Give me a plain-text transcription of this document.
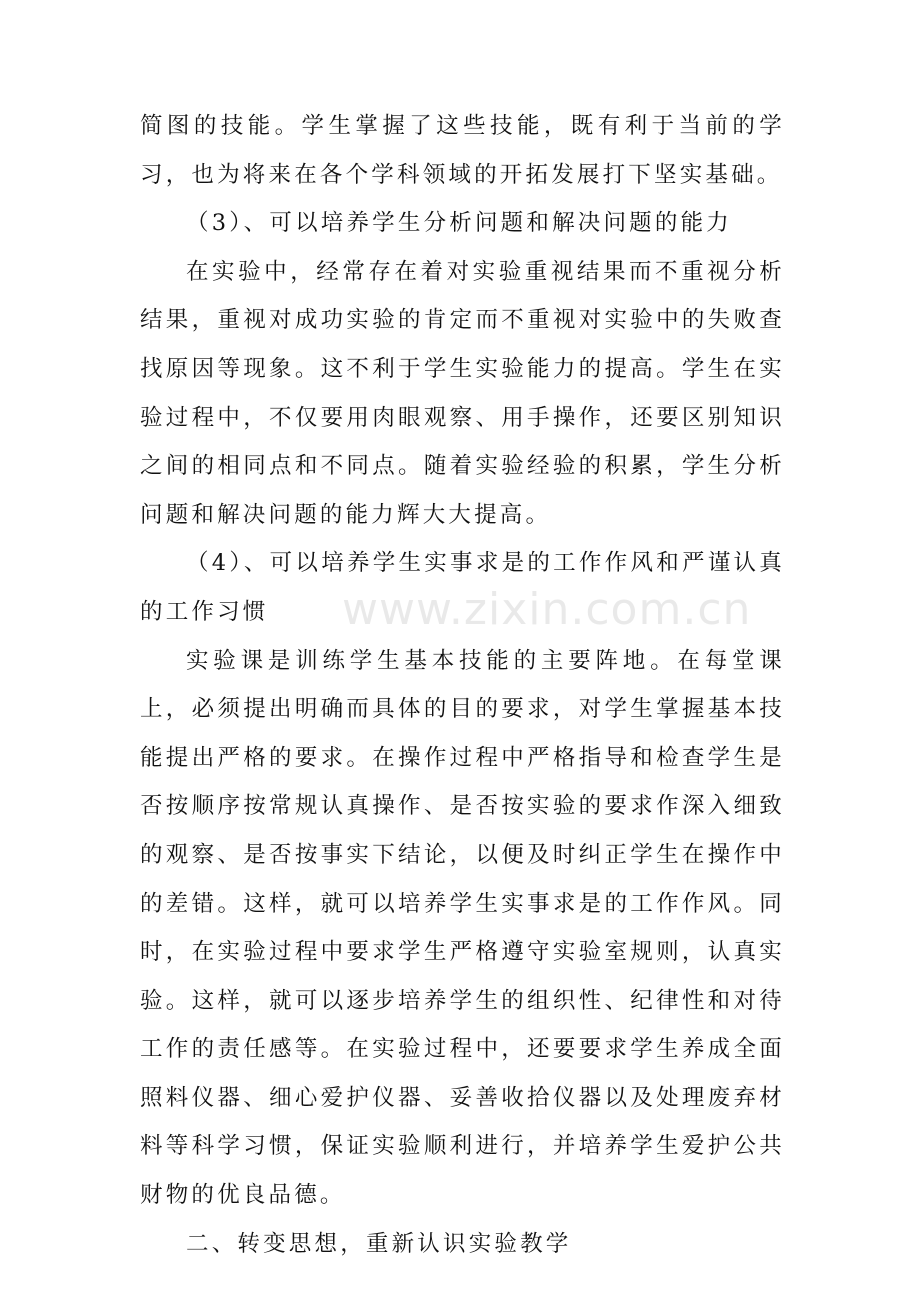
简图的技能。学生掌握了这些技能，既有利于当前的学习，也为将来在各个学科领域的开拓发展打下坚实基础。

（3）、可以培养学生分析问题和解决问题的能力

在实验中，经常存在着对实验重视结果而不重视分析结果，重视对成功实验的肯定而不重视对实验中的失败查找原因等现象。这不利于学生实验能力的提高。学生在实验过程中，不仅要用肉眼观察、用手操作，还要区别知识之间的相同点和不同点。随着实验经验的积累，学生分析问题和解决问题的能力辉大大提高。

（4）、可以培养学生实事求是的工作作风和严谨认真的工作习惯

实验课是训练学生基本技能的主要阵地。在每堂课上，必须提出明确而具体的目的要求，对学生掌握基本技能提出严格的要求。在操作过程中严格指导和检查学生是否按顺序按常规认真操作、是否按实验的要求作深入细致的观察、是否按事实下结论，以便及时纠正学生在操作中的差错。这样，就可以培养学生实事求是的工作作风。同时，在实验过程中要求学生严格遵守实验室规则，认真实验。这样，就可以逐步培养学生的组织性、纪律性和对待工作的责任感等。在实验过程中，还要要求学生养成全面照料仪器、细心爱护仪器、妥善收拾仪器以及处理废弃材料等科学习惯，保证实验顺利进行，并培养学生爱护公共财物的优良品德。

二、转变思想，重新认识实验教学

www.zixin.com.cn
